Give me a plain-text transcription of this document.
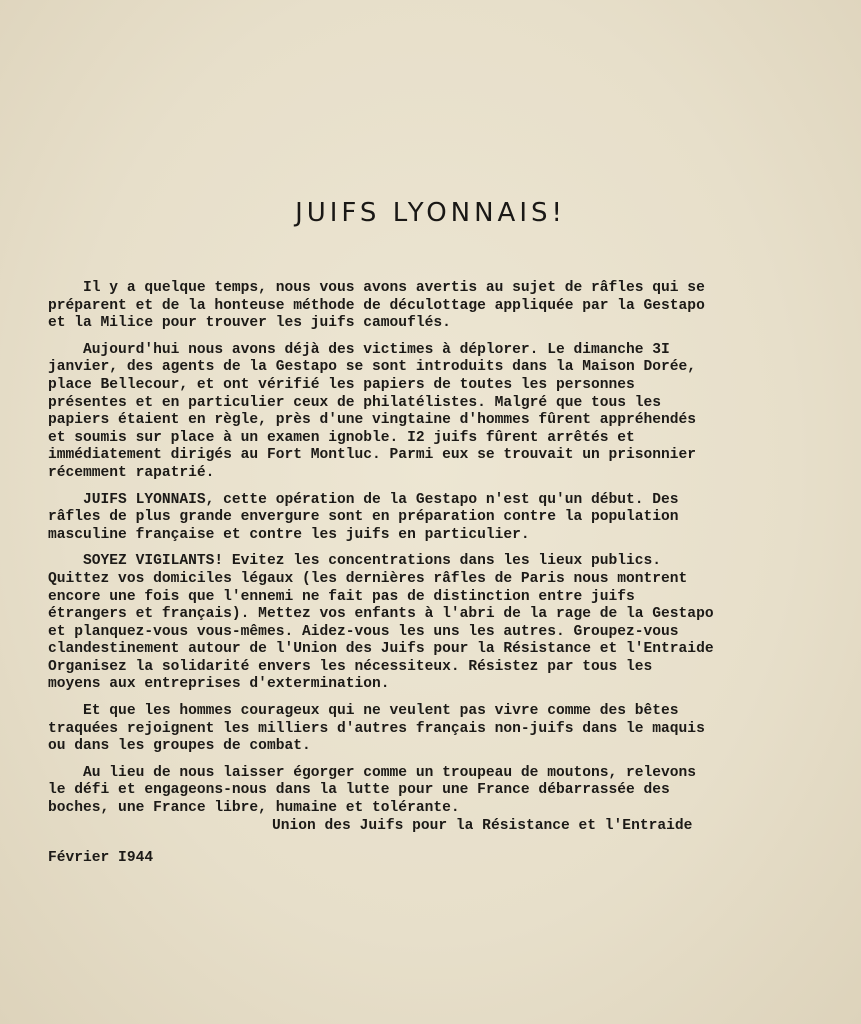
JUIFS LYONNAIS!

Il y a quelque temps, nous vous avons avertis au sujet de râfles qui se
préparent et de la honteuse méthode de déculottage appliquée par la Gestapo
et la Milice pour trouver les juifs camouflés.

Aujourd'hui nous avons déjà des victimes à déplorer. Le dimanche 3I
janvier, des agents de la Gestapo se sont introduits dans la Maison Dorée,
place Bellecour, et ont vérifié les papiers de toutes les personnes
présentes et en particulier ceux de philatélistes. Malgré que tous les
papiers étaient en règle, près d'une vingtaine d'hommes fûrent appréhendés
et soumis sur place à un examen ignoble. I2 juifs fûrent arrêtés et
immédiatement dirigés au Fort Montluc. Parmi eux se trouvait un prisonnier
récemment rapatrié.

JUIFS LYONNAIS, cette opération de la Gestapo n'est qu'un début. Des
râfles de plus grande envergure sont en préparation contre la population
masculine française et contre les juifs en particulier.

SOYEZ VIGILANTS! Evitez les concentrations dans les lieux publics.
Quittez vos domiciles légaux (les dernières râfles de Paris nous montrent
encore une fois que l'ennemi ne fait pas de distinction entre juifs
étrangers et français). Mettez vos enfants à l'abri de la rage de la Gestapo
et planquez-vous vous-mêmes. Aidez-vous les uns les autres. Groupez-vous
clandestinement autour de l'Union des Juifs pour la Résistance et l'Entraide
Organisez la solidarité envers les nécessiteux. Résistez par tous les
moyens aux entreprises d'extermination.

Et que les hommes courageux qui ne veulent pas vivre comme des bêtes
traquées rejoignent les milliers d'autres français non-juifs dans le maquis
ou dans les groupes de combat.

Au lieu de nous laisser égorger comme un troupeau de moutons, relevons
le défi et engageons-nous dans la lutte pour une France débarrassée des
boches, une France libre, humaine et tolérante.

Union des Juifs pour la Résistance et l'Entraide
Février I944
